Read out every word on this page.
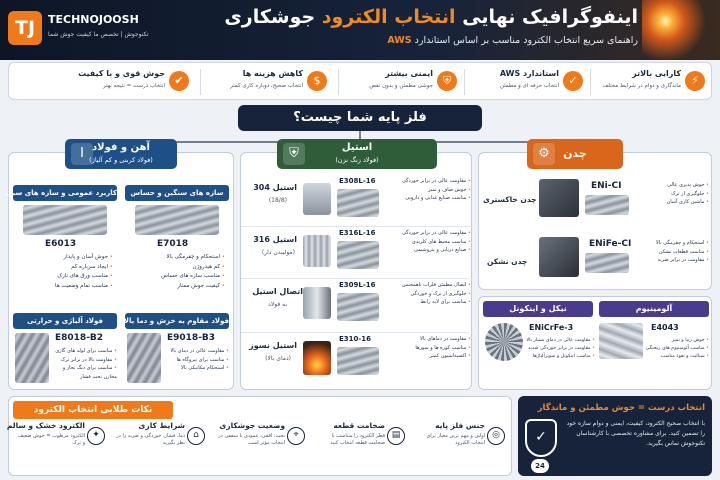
TJ	TECHNOJOOSH
تکنوجوش | تخصص ما کیفیت جوش شما
اینفوگرافیک نهایی انتخاب الکترود جوشکاری
راهنمای سریع انتخاب الکترود مناسب بر اساس استاندارد AWS
⚡
کارایی بالاتر
ماندگاری و دوام در شرایط مختلف
✓
استاندارد AWS
انتخاب حرفه ای و مطمئن
⛨
ایمنی بیشتر
جوشی مطمئن و بدون نقص
$
کاهش هزینه ها
انتخاب صحیح، دوباره کاری کمتر
✔
جوش قوی و با کیفیت
انتخاب درست = نتیجه بهتر
فلز پایه شما چیست؟
I آهن و فولاد
(فولاد کربنی و کم آلیاژ)
کاربرد عمومی و سازه های سبک
E6013
• جوش آسان و پایدار
• ایجاد سرباره کم
• مناسب ورق های نازک
• مناسب تمام وضعیت ها
سازه های سنگین و حساس
E7018
• استحکام و چقرمگی بالا
• کم هیدروژن
• مناسب سازه های حساس
• کیفیت جوش ممتاز
فولاد آلیاژی و حرارتی
E8018-B2
• مناسب برای لوله های گازی
• مقاومت بالا در برابر ترک
• مناسب برای دیگ بخار و مخازن تحت فشار
فولاد مقاوم به خزش و دما بالا
E9018-B3
• مقاومت عالی در دمای بالا
• مناسب برای نیروگاه ها
• استحکام مکانیکی بالا
⛨	استیل
(فولاد زنگ نزن)
استیل 304
(18/8)
E308L-16	• مقاومت عالی در برابر خوردگی
• جوش صاف و تمیز
• مناسب صنایع غذایی و دارویی
استیل 316
(مولیبدن دار)
E316L-16	• مقاومت عالی در برابر خوردگی
• مناسب محیط های کلریدی
• صنایع دریایی و پتروشیمی
اتصال استیل
به فولاد
E309L-16	• اتصال مطمئن فلزات ناهمجنس
• جلوگیری از ترک و خوردگی
• مناسب برای لایه رابط
استیل نسوز
(دمای بالا)
E310-16	• مقاومت در دماهای بالا
• مناسب کوره ها و سوزها
• اکسیداسیون کمتر
⚙	چدن
چدن خاکستری
ENi-CI	• جوش پذیری عالی
• جلوگیری از ترک
• ماشین کاری آسان
چدن نشکن
ENiFe-CI	• استحکام و چقرمگی بالا
• مناسب قطعات نشکن
• مقاومت در برابر ضربه
نیکل و اینکونل
ENiCrFe-3
• مقاومت عالی در دمای بسیار بالا
• مقاومت در برابر خوردگی شدید
• مناسب اینکونل و سوپرآلیاژها
آلومینیوم
E4043
• جوش زیبا و تمیز
• مناسب آلومینیوم های ریختگی
• سیالیت و نفوذ مناسب
نکات طلایی انتخاب الکترود
◎
جنس فلز پایه
اولین و مهم ترین معیار برای انتخاب الکترود
▤
ضخامت قطعه
قطر الکترود را متناسب با ضخامت قطعه انتخاب کنید
⌖
وضعیت جوشکاری
تخت، افقی، عمودی یا سقفی در انتخاب مؤثر است
⌂
شرایط کاری
دما، فشار، خوردگی و ضربه را در نظر بگیرید
✦
الکترود خشک و سالم
الکترود مرطوب = جوش ضعیف و ترک
انتخاب درست = جوش مطمئن و ماندگار
با انتخاب صحیح الکترود، کیفیت، ایمنی و دوام سازه خود را تضمین کنید. برای مشاوره تخصصی با کارشناسان تکنوجوش تماس بگیرید.
✓
24
